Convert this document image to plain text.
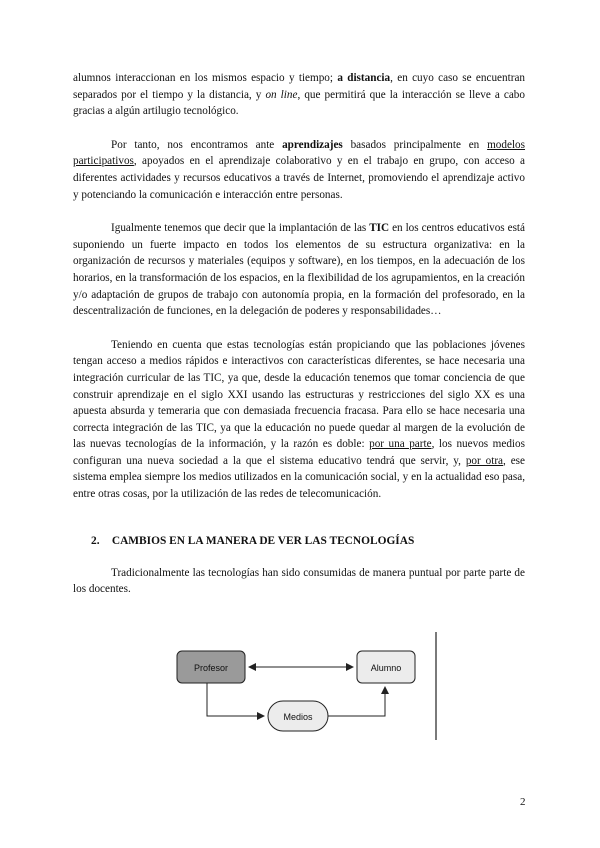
alumnos interaccionan en los mismos espacio y tiempo; a distancia, en cuyo caso se encuentran separados por el tiempo y la distancia, y on line, que permitirá que la interacción se lleve a cabo gracias a algún artilugio tecnológico.

Por tanto, nos encontramos ante aprendizajes basados principalmente en modelos participativos, apoyados en el aprendizaje colaborativo y en el trabajo en grupo, con acceso a diferentes actividades y recursos educativos a través de Internet, promoviendo el aprendizaje activo y potenciando la comunicación e interacción entre personas.

Igualmente tenemos que decir que la implantación de las TIC en los centros educativos está suponiendo un fuerte impacto en todos los elementos de su estructura organizativa: en la organización de recursos y materiales (equipos y software), en los tiempos, en la adecuación de los horarios, en la transformación de los espacios, en la flexibilidad de los agrupamientos, en la creación y/o adaptación de grupos de trabajo con autonomía propia, en la formación del profesorado, en la descentralización de funciones, en la delegación de poderes y responsabilidades…

Teniendo en cuenta que estas tecnologías están propiciando que las poblaciones jóvenes tengan acceso a medios rápidos e interactivos con características diferentes, se hace necesaria una integración curricular de las TIC, ya que, desde la educación tenemos que tomar conciencia de que construir aprendizaje en el siglo XXI usando las estructuras y restricciones del siglo XX es una apuesta absurda y temeraria que con demasiada frecuencia fracasa. Para ello se hace necesaria una correcta integración de las TIC, ya que la educación no puede quedar al margen de la evolución de las nuevas tecnologías de la información, y la razón es doble: por una parte, los nuevos medios configuran una nueva sociedad a la que el sistema educativo tendrá que servir, y, por otra, ese sistema emplea siempre los medios utilizados en la comunicación social, y en la actualidad eso pasa, entre otras cosas, por la utilización de las redes de telecomunicación.

2. CAMBIOS EN LA MANERA DE VER LAS TECNOLOGÍAS

Tradicionalmente las tecnologías han sido consumidas de manera puntual por parte parte de los docentes.

Profesor	Alumno
Medios
2
